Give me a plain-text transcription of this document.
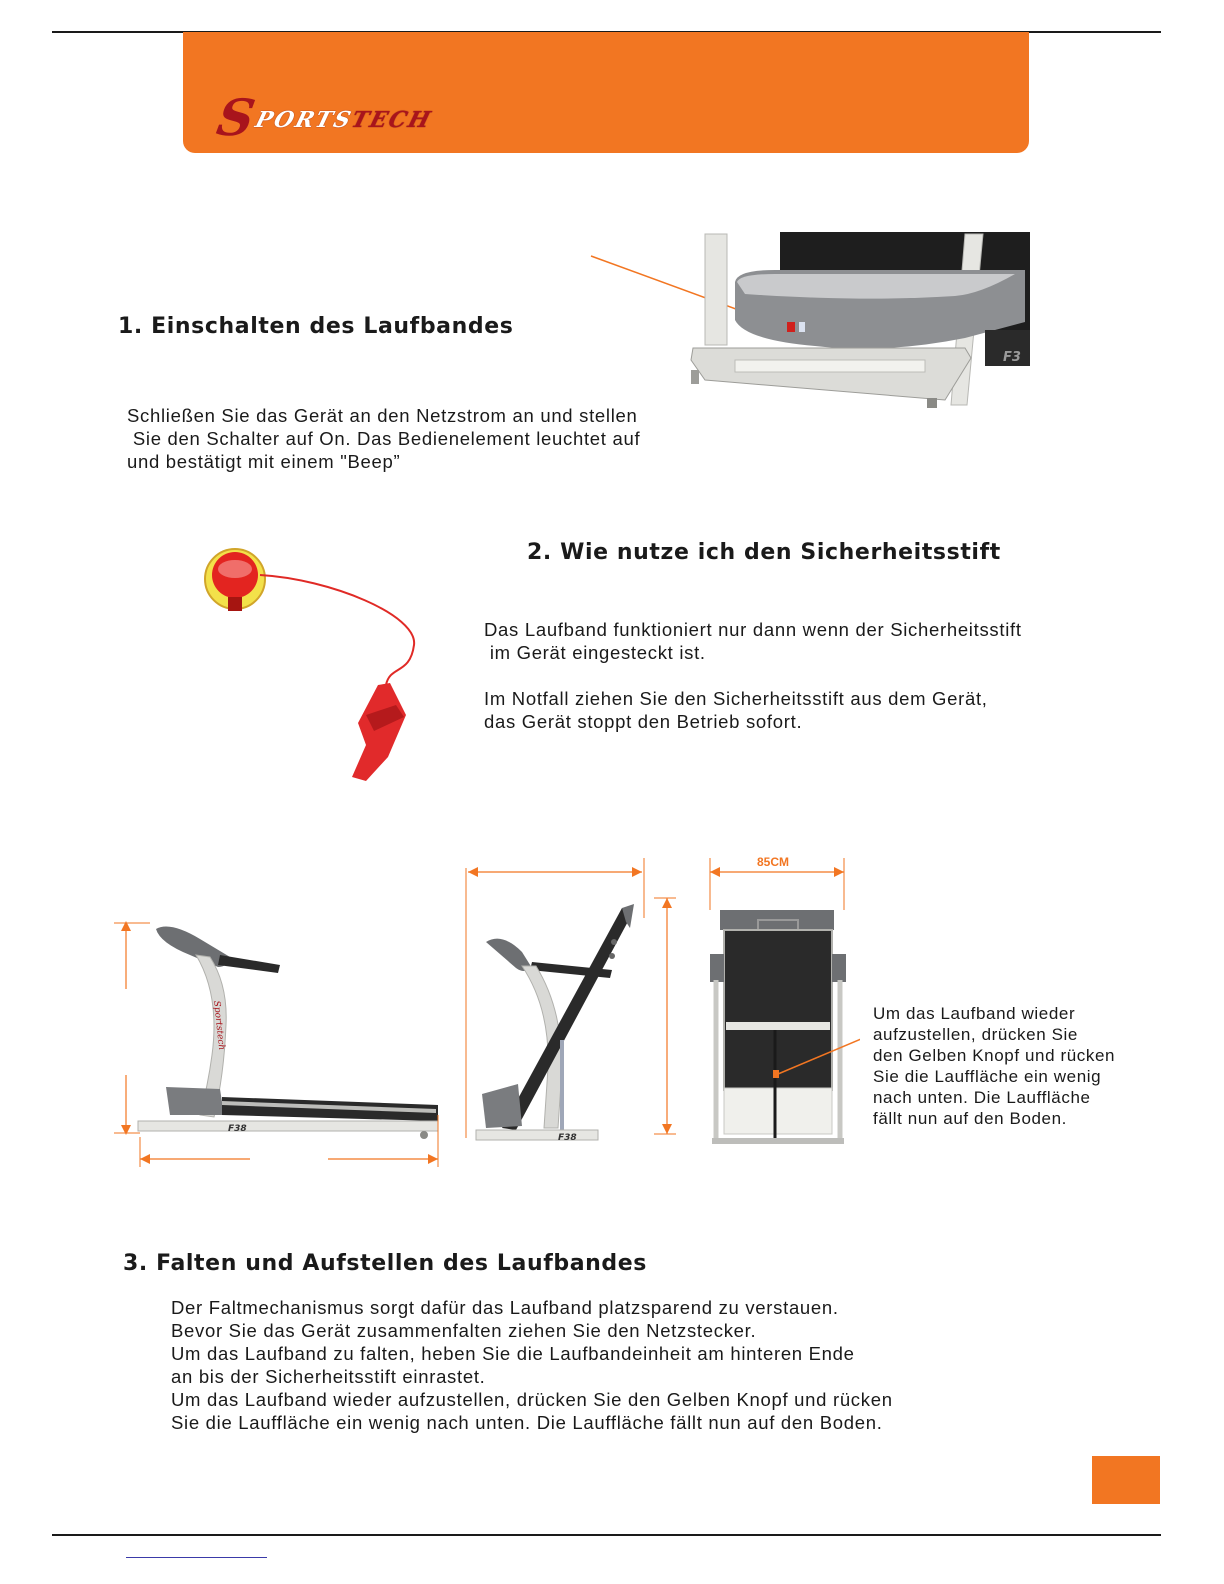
SPORTSTECH
1. Einschalten des Laufbandes

Schließen Sie das Gerät an den Netzstrom an und stellen
Sie den Schalter auf On. Das Bedienelement leuchtet auf
und bestätigt mit einem "Beep”

F3
2. Wie nutze ich den Sicherheitsstift

Das Laufband funktioniert nur dann wenn der Sicherheitsstift
im Gerät eingesteckt ist.

Im Notfall ziehen Sie den Sicherheitsstift aus dem Gerät,
das Gerät stoppt den Betrieb sofort.

Sportstech
F38
F38
85CM

Um das Laufband wieder
aufzustellen, drücken Sie
den Gelben Knopf und rücken
Sie die Lauffläche ein wenig
nach unten. Die Lauffläche
fällt nun auf den Boden.

3. Falten und Aufstellen des Laufbandes

Der Faltmechanismus sorgt dafür das Laufband platzsparend zu verstauen.
Bevor Sie das Gerät zusammenfalten ziehen Sie den Netzstecker.
Um das Laufband zu falten, heben Sie die Laufbandeinheit am hinteren Ende
an bis der Sicherheitsstift einrastet.
Um das Laufband wieder aufzustellen, drücken Sie den Gelben Knopf und rücken
Sie die Lauffläche ein wenig nach unten. Die Lauffläche fällt nun auf den Boden.
